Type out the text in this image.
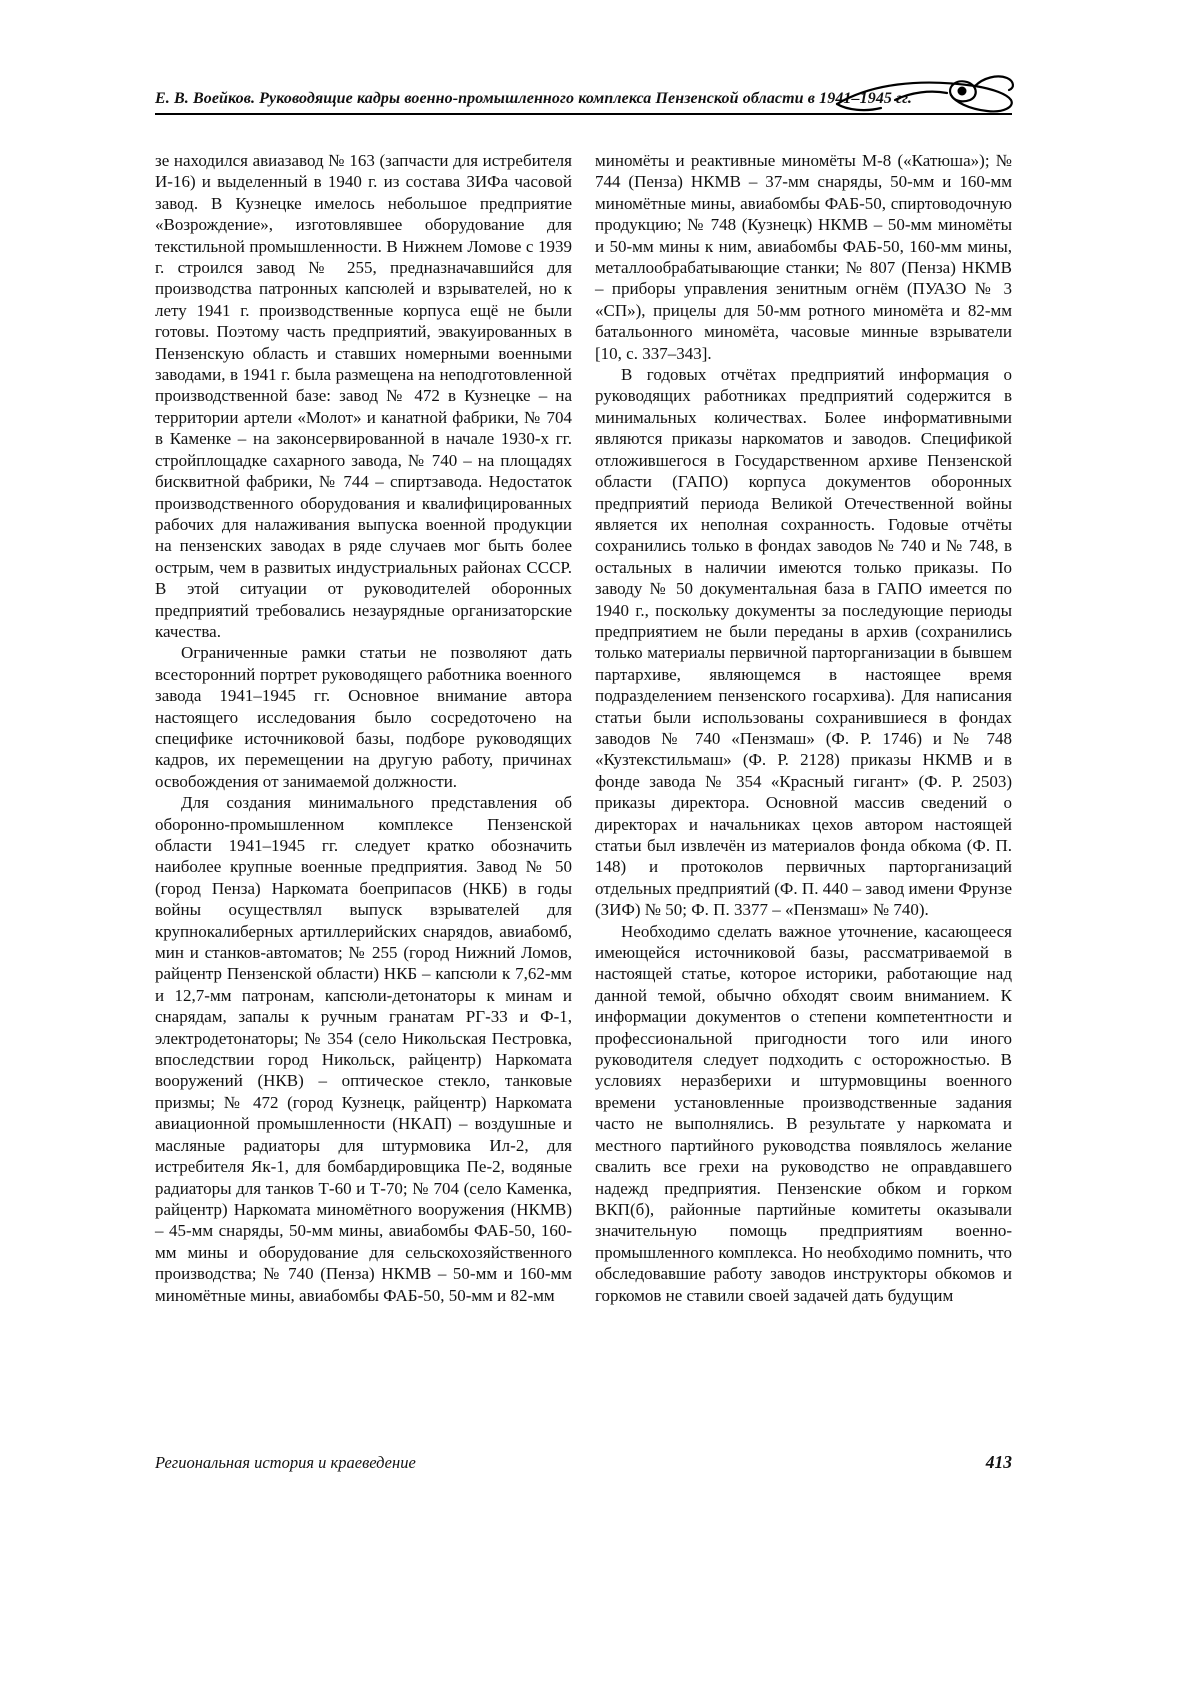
Е. В. Воейков. Руководящие кадры военно-промышленного комплекса Пензенской области в 1941–1945 гг.

зе находился авиазавод № 163 (запчасти для истребителя И-16) и выделенный в 1940 г. из состава ЗИФа часовой завод. В Кузнецке имелось небольшое предприятие «Возрождение», изготовлявшее оборудование для текстильной промышленности. В Нижнем Ломове с 1939 г. строился завод № 255, предназначавшийся для производства патронных капсюлей и взрывателей, но к лету 1941 г. производственные корпуса ещё не были готовы. Поэтому часть предприятий, эвакуированных в Пензенскую область и ставших номерными военными заводами, в 1941 г. была размещена на неподготовленной производственной базе: завод № 472 в Кузнецке – на территории артели «Молот» и канатной фабрики, № 704 в Каменке – на законсервированной в начале 1930-х гг. стройплощадке сахарного завода, № 740 – на площадях бисквитной фабрики, № 744 – спиртзавода. Недостаток производственного оборудования и квалифицированных рабочих для налаживания выпуска военной продукции на пензенских заводах в ряде случаев мог быть более острым, чем в развитых индустриальных районах СССР. В этой ситуации от руководителей оборонных предприятий требовались незаурядные организаторские качества.

Ограниченные рамки статьи не позволяют дать всесторонний портрет руководящего работника военного завода 1941–1945 гг. Основное внимание автора настоящего исследования было сосредоточено на специфике источниковой базы, подборе руководящих кадров, их перемещении на другую работу, причинах освобождения от занимаемой должности.

Для создания минимального представления об оборонно-промышленном комплексе Пензенской области 1941–1945 гг. следует кратко обозначить наиболее крупные военные предприятия. Завод № 50 (город Пенза) Наркомата боеприпасов (НКБ) в годы войны осуществлял выпуск взрывателей для крупнокалиберных артиллерийских снарядов, авиабомб, мин и станков-автоматов; № 255 (город Нижний Ломов, райцентр Пензенской области) НКБ – капсюли к 7,62-мм и 12,7-мм патронам, капсюли-детонаторы к минам и снарядам, запалы к ручным гранатам РГ-33 и Ф-1, электродетонаторы; № 354 (село Никольская Пестровка, впоследствии город Никольск, райцентр) Наркомата вооружений (НКВ) – оптическое стекло, танковые призмы; № 472 (город Кузнецк, райцентр) Наркомата авиационной промышленности (НКАП) – воздушные и масляные радиаторы для штурмовика Ил-2, для истребителя Як-1, для бомбардировщика Пе-2, водяные радиаторы для танков Т-60 и Т-70; № 704 (село Каменка, райцентр) Наркомата миномётного вооружения (НКМВ) – 45-мм снаряды, 50-мм мины, авиабомбы ФАБ-50, 160-мм мины и оборудование для сельскохозяйственного производства; № 740 (Пенза) НКМВ – 50-мм и 160-мм миномётные мины, авиабомбы ФАБ-50, 50-мм и 82-мм

миномёты и реактивные миномёты М-8 («Катюша»); № 744 (Пенза) НКМВ – 37-мм снаряды, 50-мм и 160-мм миномётные мины, авиабомбы ФАБ-50, спиртоводочную продукцию; № 748 (Кузнецк) НКМВ – 50-мм миномёты и 50-мм мины к ним, авиабомбы ФАБ-50, 160-мм мины, металлообрабатывающие станки; № 807 (Пенза) НКМВ – приборы управления зенитным огнём (ПУАЗО № 3 «СП»), прицелы для 50-мм ротного миномёта и 82-мм батальонного миномёта, часовые минные взрыватели [10, с. 337–343].

В годовых отчётах предприятий информация о руководящих работниках предприятий содержится в минимальных количествах. Более информативными являются приказы наркоматов и заводов. Спецификой отложившегося в Государственном архиве Пензенской области (ГАПО) корпуса документов оборонных предприятий периода Великой Отечественной войны является их неполная сохранность. Годовые отчёты сохранились только в фондах заводов № 740 и № 748, в остальных в наличии имеются только приказы. По заводу № 50 документальная база в ГАПО имеется по 1940 г., поскольку документы за последующие периоды предприятием не были переданы в архив (сохранились только материалы первичной парторганизации в бывшем партархиве, являющемся в настоящее время подразделением пензенского госархива). Для написания статьи были использованы сохранившиеся в фондах заводов № 740 «Пензмаш» (Ф. Р. 1746) и № 748 «Кузтекстильмаш» (Ф. Р. 2128) приказы НКМВ и в фонде завода № 354 «Красный гигант» (Ф. Р. 2503) приказы директора. Основной массив сведений о директорах и начальниках цехов автором настоящей статьи был извлечён из материалов фонда обкома (Ф. П. 148) и протоколов первичных парторганизаций отдельных предприятий (Ф. П. 440 – завод имени Фрунзе (ЗИФ) № 50; Ф. П. 3377 – «Пензмаш» № 740).

Необходимо сделать важное уточнение, касающееся имеющейся источниковой базы, рассматриваемой в настоящей статье, которое историки, работающие над данной темой, обычно обходят своим вниманием. К информации документов о степени компетентности и профессиональной пригодности того или иного руководителя следует подходить с осторожностью. В условиях неразберихи и штурмовщины военного времени установленные производственные задания часто не выполнялись. В результате у наркомата и местного партийного руководства появлялось желание свалить все грехи на руководство не оправдавшего надежд предприятия. Пензенские обком и горком ВКП(б), районные партийные комитеты оказывали значительную помощь предприятиям военно-промышленного комплекса. Но необходимо помнить, что обследовавшие работу заводов инструкторы обкомов и горкомов не ставили своей задачей дать будущим

Региональная история и краеведение	413
